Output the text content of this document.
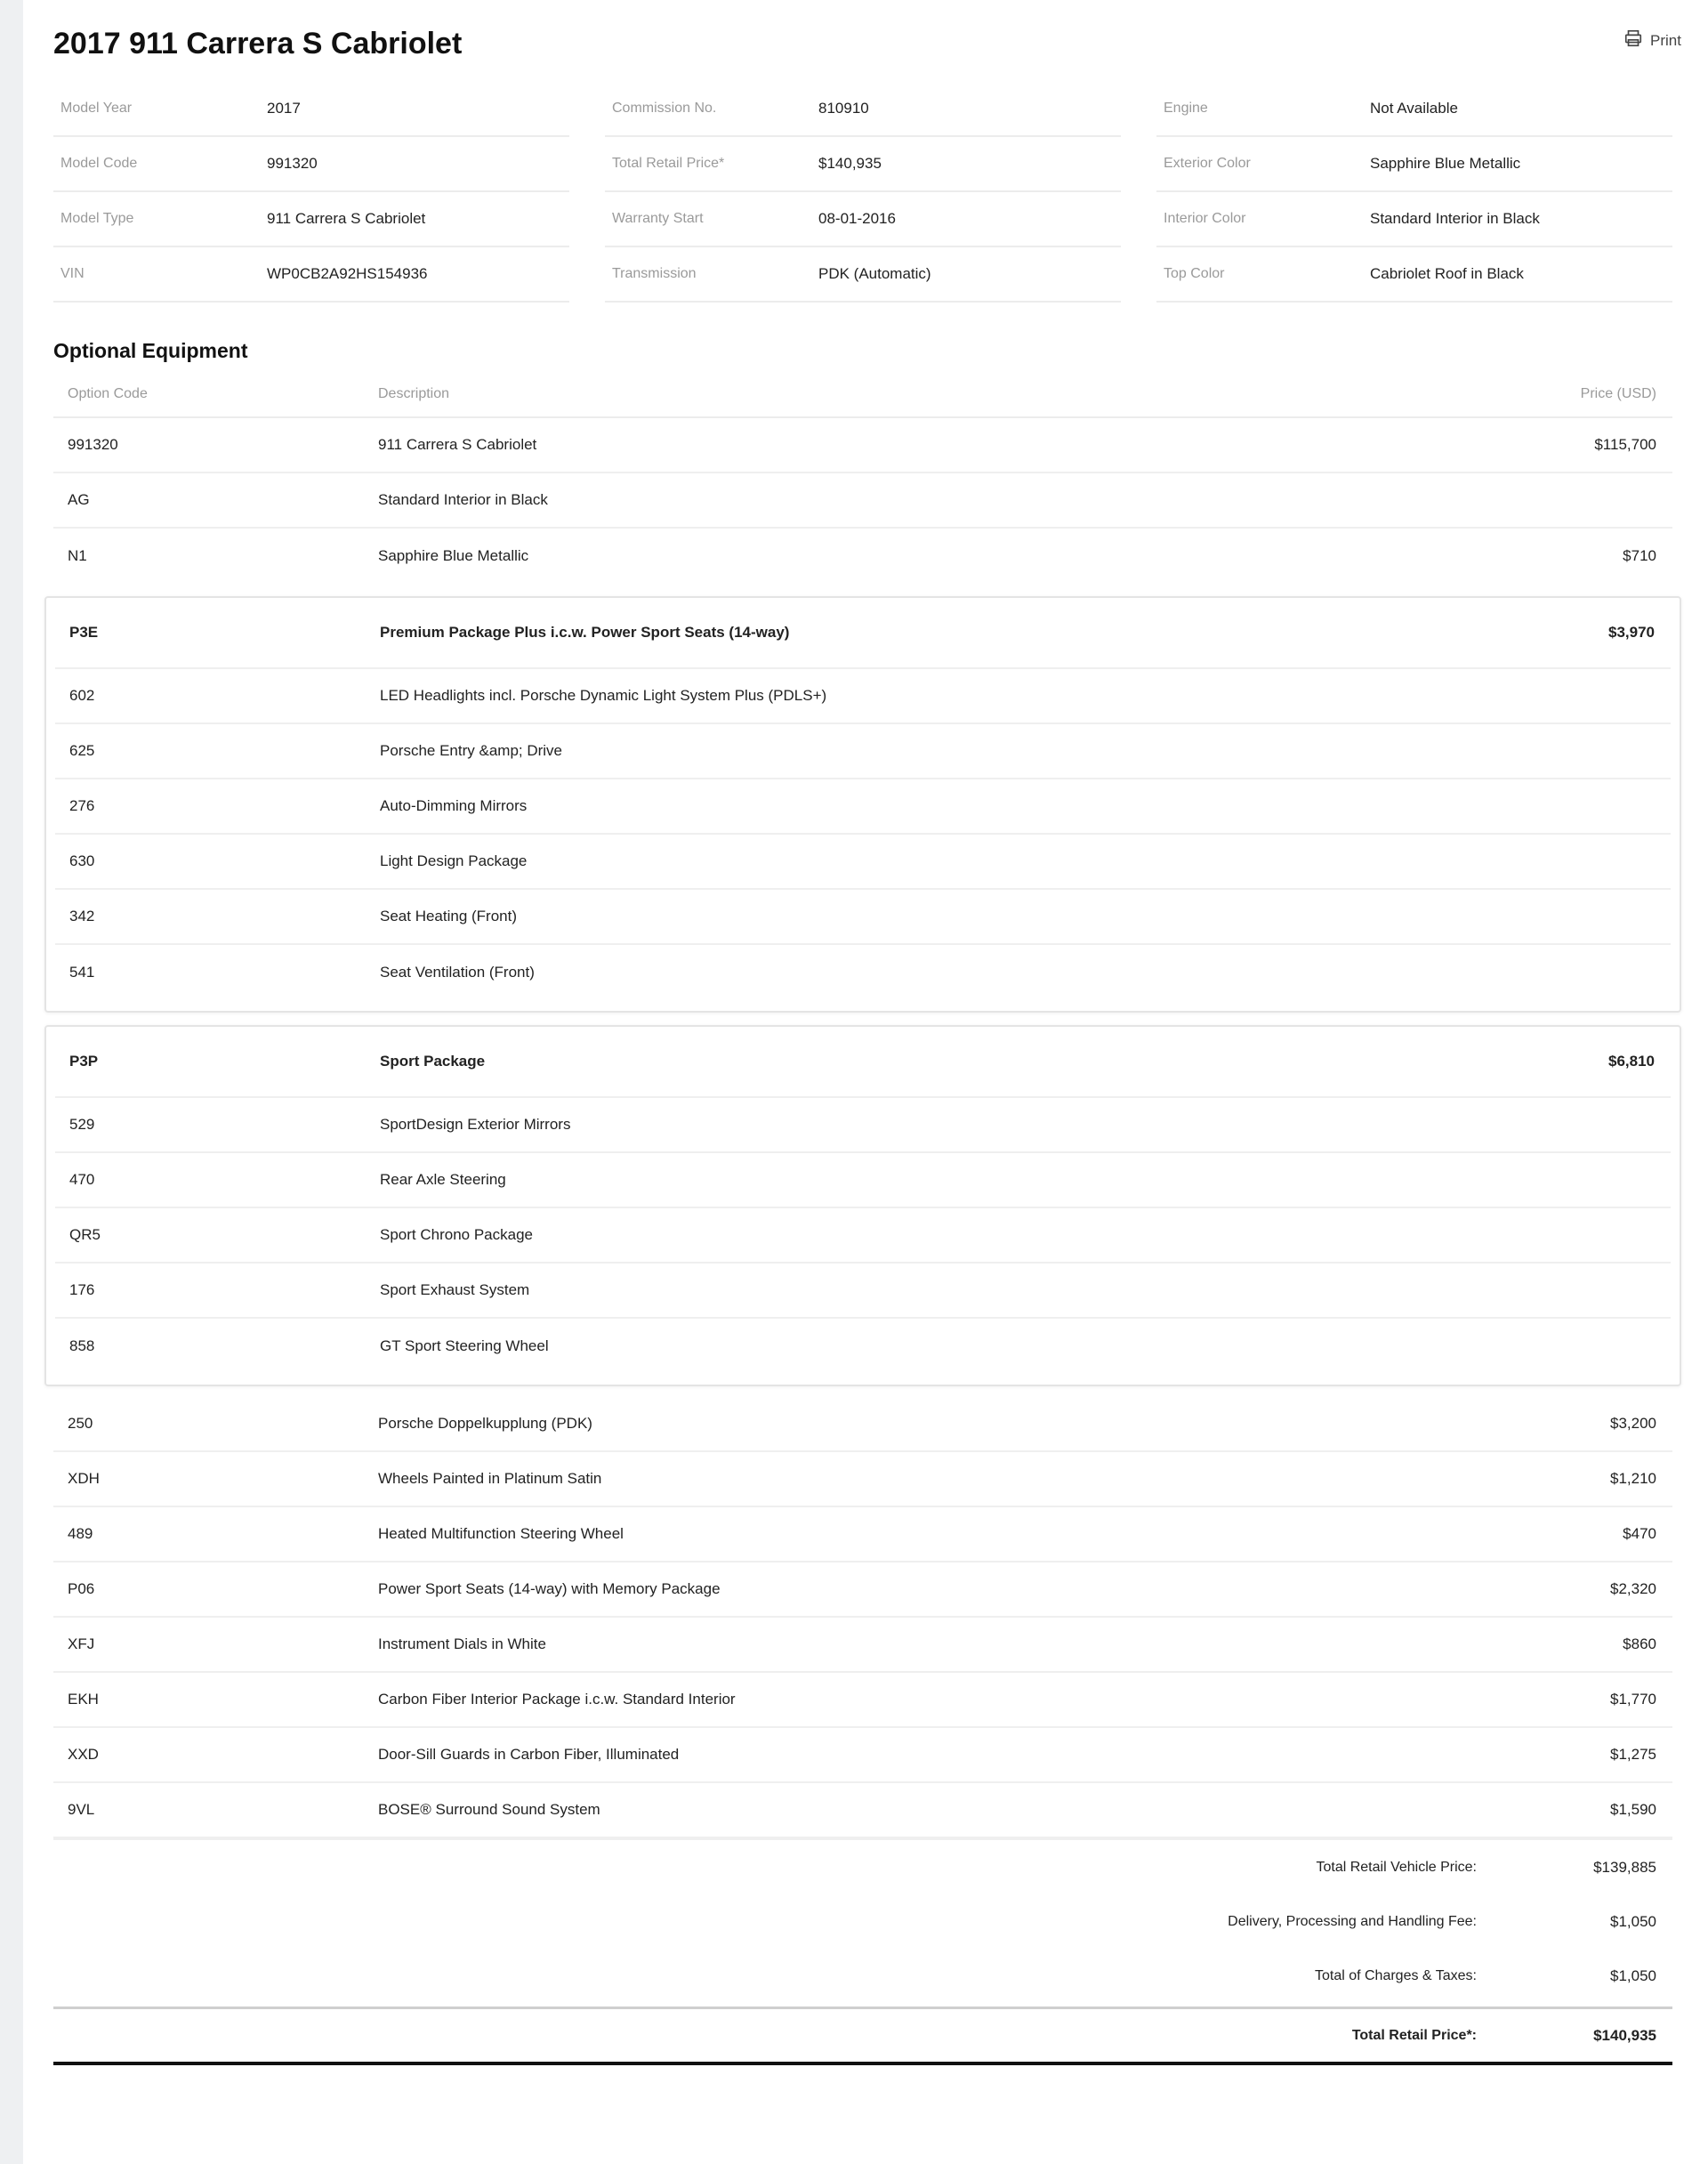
2017 911 Carrera S Cabriolet	Print
Model Year	2017
Model Code	991320
Model Type	911 Carrera S Cabriolet
VIN	WP0CB2A92HS154936
Commission No.	810910
Total Retail Price*	$140,935
Warranty Start	08-01-2016
Transmission	PDK (Automatic)
Engine	Not Available
Exterior Color	Sapphire Blue Metallic
Interior Color	Standard Interior in Black
Top Color	Cabriolet Roof in Black
Optional Equipment
Option Code	Description	Price (USD)
991320	911 Carrera S Cabriolet	$115,700
AG	Standard Interior in Black
N1	Sapphire Blue Metallic	$710
P3E	Premium Package Plus i.c.w. Power Sport Seats (14-way)	$3,970
602	LED Headlights incl. Porsche Dynamic Light System Plus (PDLS+)
625	Porsche Entry &amp; Drive
276	Auto-Dimming Mirrors
630	Light Design Package
342	Seat Heating (Front)
541	Seat Ventilation (Front)
P3P	Sport Package	$6,810
529	SportDesign Exterior Mirrors
470	Rear Axle Steering
QR5	Sport Chrono Package
176	Sport Exhaust System
858	GT Sport Steering Wheel
250	Porsche Doppelkupplung (PDK)	$3,200
XDH	Wheels Painted in Platinum Satin	$1,210
489	Heated Multifunction Steering Wheel	$470
P06	Power Sport Seats (14-way) with Memory Package	$2,320
XFJ	Instrument Dials in White	$860
EKH	Carbon Fiber Interior Package i.c.w. Standard Interior	$1,770
XXD	Door-Sill Guards in Carbon Fiber, Illuminated	$1,275
9VL	BOSE® Surround Sound System	$1,590
Total Retail Vehicle Price:	$139,885
Delivery, Processing and Handling Fee:	$1,050
Total of Charges & Taxes:	$1,050
Total Retail Price*:	$140,935
